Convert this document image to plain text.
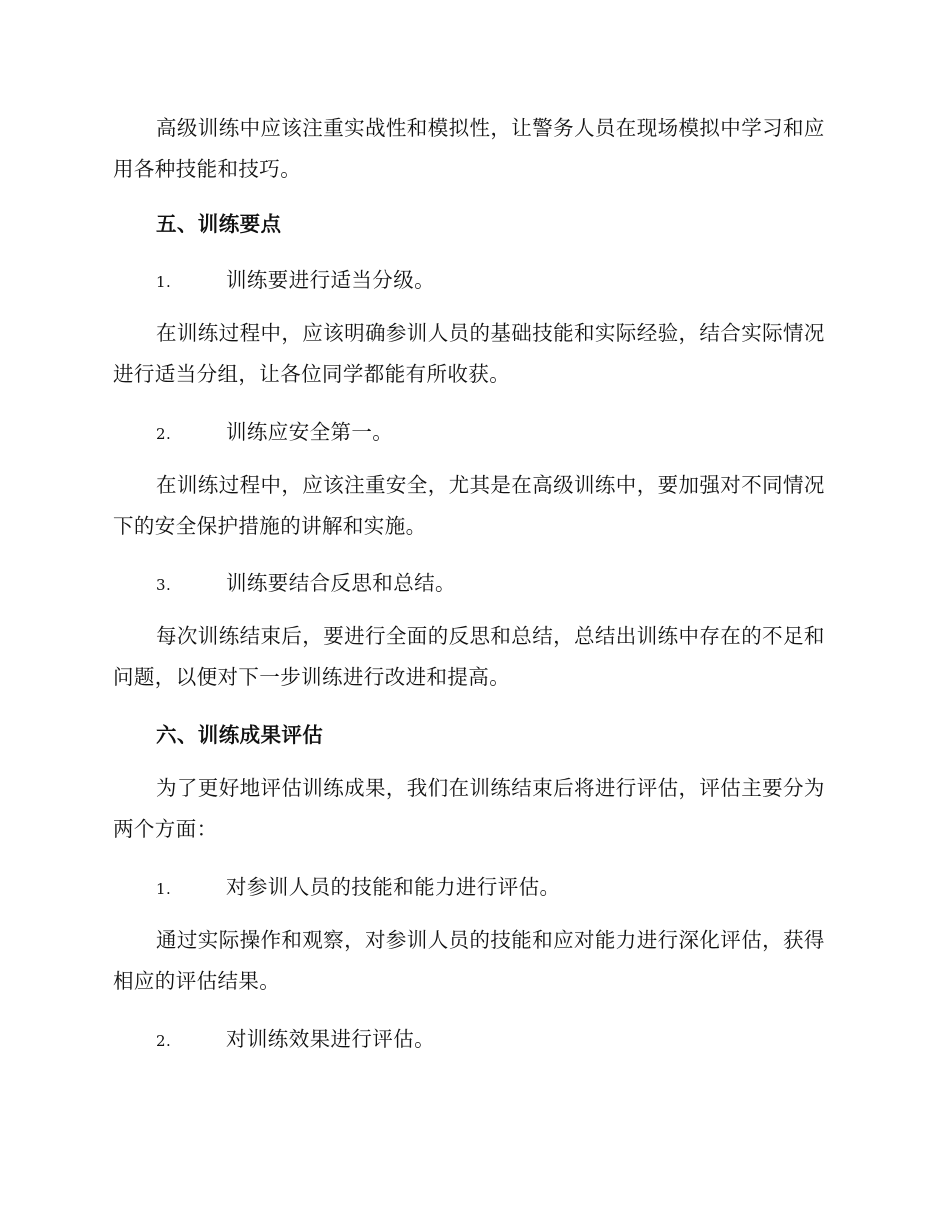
高级训练中应该注重实战性和模拟性，让警务人员在现场模拟中学习和应用各种技能和技巧。

五、训练要点

1.	训练要进行适当分级。

在训练过程中，应该明确参训人员的基础技能和实际经验，结合实际情况进行适当分组，让各位同学都能有所收获。

2.	训练应安全第一。

在训练过程中，应该注重安全，尤其是在高级训练中，要加强对不同情况下的安全保护措施的讲解和实施。

3.	训练要结合反思和总结。

每次训练结束后，要进行全面的反思和总结，总结出训练中存在的不足和问题，以便对下一步训练进行改进和提高。

六、训练成果评估

为了更好地评估训练成果，我们在训练结束后将进行评估，评估主要分为两个方面：

1.	对参训人员的技能和能力进行评估。

通过实际操作和观察，对参训人员的技能和应对能力进行深化评估，获得相应的评估结果。

2.	对训练效果进行评估。
